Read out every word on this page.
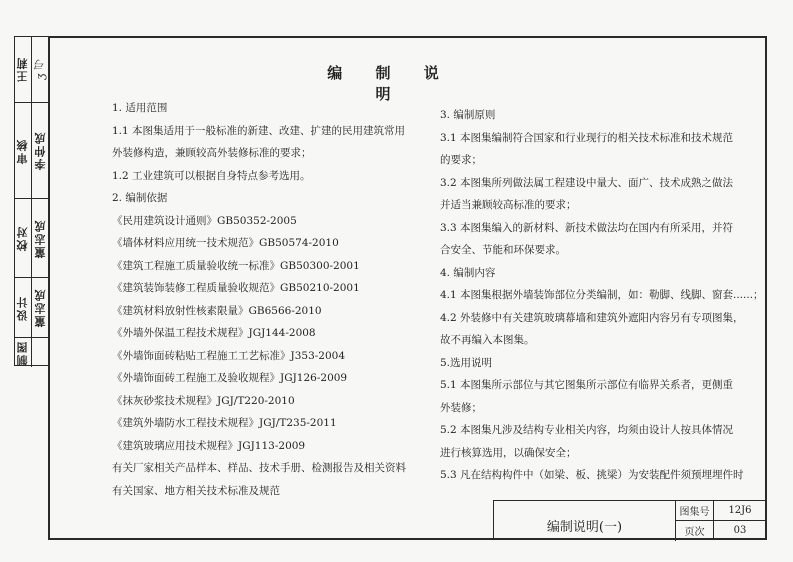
王莉 ʒ 弓
审核 李仲成
校对 董志成
设计 董志成
制图
编 制 说 明

1. 适用范围

1.1 本图集适用于一般标准的新建、改建、扩建的民用建筑常用

外装修构造，兼顾较高外装修标准的要求；

1.2 工业建筑可以根据自身特点参考选用。

2. 编制依据

《民用建筑设计通则》GB50352-2005

《墙体材料应用统一技术规范》GB50574-2010

《建筑工程施工质量验收统一标准》GB50300-2001

《建筑装饰装修工程质量验收规范》GB50210-2001

《建筑材料放射性核素限量》GB6566-2010

《外墙外保温工程技术规程》JGJ144-2008

《外墙饰面砖粘贴工程施工工艺标准》J353-2004

《外墙饰面砖工程施工及验收规程》JGJ126-2009

《抹灰砂浆技术规程》JGJ/T220-2010

《建筑外墙防水工程技术规程》JGJ/T235-2011

《建筑玻璃应用技术规程》JGJ113-2009

有关厂家相关产品样本、样品、技术手册、检测报告及相关资料

有关国家、地方相关技术标准及规范

3. 编制原则

3.1 本图集编制符合国家和行业现行的相关技术标准和技术规范

的要求；

3.2 本图集所列做法属工程建设中量大、面广、技术成熟之做法

并适当兼顾较高标准的要求；

3.3 本图集编入的新材料、新技术做法均在国内有所采用，并符

合安全、节能和环保要求。

4. 编制内容

4.1 本图集根据外墙装饰部位分类编制，如：勒脚、线脚、窗套......；

4.2 外装修中有关建筑玻璃幕墙和建筑外遮阳内容另有专项图集，

故不再编入本图集。

5.选用说明

5.1 本图集所示部位与其它图集所示部位有临界关系者，更侧重

外装修；

5.2 本图集凡涉及结构专业相关内容，均须由设计人按具体情况

进行核算选用，以确保安全；

5.3 凡在结构构件中（如梁、板、挑梁）为安装配件须预埋埋件时

编制说明(一)
图集号	12J6
页次	03
